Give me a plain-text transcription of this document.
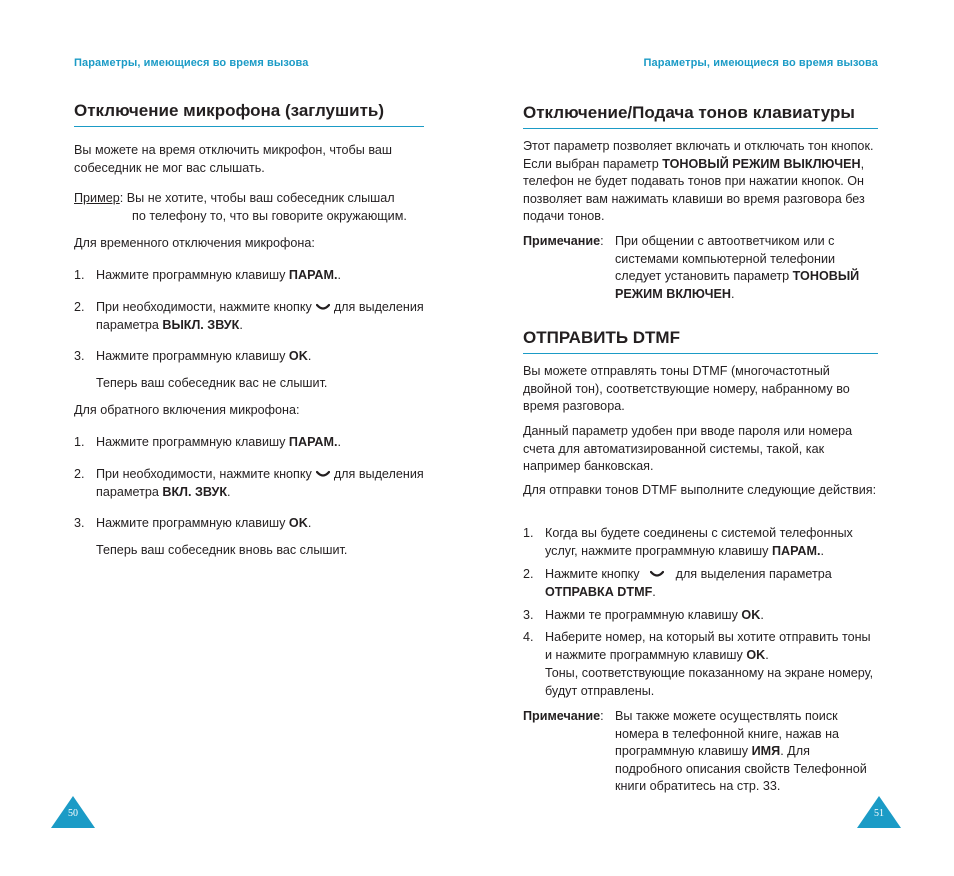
Параметры, имеющиеся во время вызова
Отключение микрофона (заглушить)
Вы можете на время отключить микрофон, чтобы ваш собеседник не мог вас слышать.
Пример: Вы не хотите, чтобы ваш собеседник слышал
по телефону то, что вы говорите окружающим.
Для временного отключения микрофона:
1. Нажмите программную клавишу ПАРАМ..
2. При необходимости, нажмите кнопку для выделения параметра ВЫКЛ. ЗВУК.
3. Нажмите программную клавишу OK.
Теперь ваш собеседник вас не слышит.
Для обратного включения микрофона:
1. Нажмите программную клавишу ПАРАМ..
2. При необходимости, нажмите кнопку для выделения параметра ВКЛ. ЗВУК.
3. Нажмите программную клавишу OK.
Теперь ваш собеседник вновь вас слышит.
50
Параметры, имеющиеся во время вызова
Отключение/Подача тонов клавиатуры
Этот параметр позволяет включать и отключать тон кнопок. Если выбран параметр ТОНОВЫЙ РЕЖИМ ВЫКЛЮЧЕН, телефон не будет подавать тонов при нажатии кнопок. Он позволяет вам нажимать клавиши во время разговора без подачи тонов.
Примечание: При общении с автоответчиком или с системами компьютерной телефонии следует установить параметр ТОНОВЫЙ РЕЖИМ ВКЛЮЧЕН.
ОТПРАВИТЬ DTMF
Вы можете отправлять тоны DTMF (многочастотный двойной тон), соответствующие номеру, набранному во время разговора.
Данный параметр удобен при вводе пароля или номера счета для автоматизированной системы, такой, как например банковская.
Для отправки тонов DTMF выполните следующие действия:
1. Когда вы будете соединены с системой телефонных услуг, нажмите программную клавишу ПАРАМ..
2. Нажмите кнопку	для выделения параметра ОТПРАВКА DTMF.
3. Нажми те программную клавишу OK.
4. Наберите номер, на который вы хотите отправить тоны и нажмите программную клавишу OK.
Тоны, соответствующие показанному на экране номеру, будут отправлены.
Примечание: Вы также можете осуществлять поиск номера в телефонной книге, нажав на программную клавишу ИМЯ. Для подробного описания свойств Телефонной книги обратитесь на стр. 33.
51
